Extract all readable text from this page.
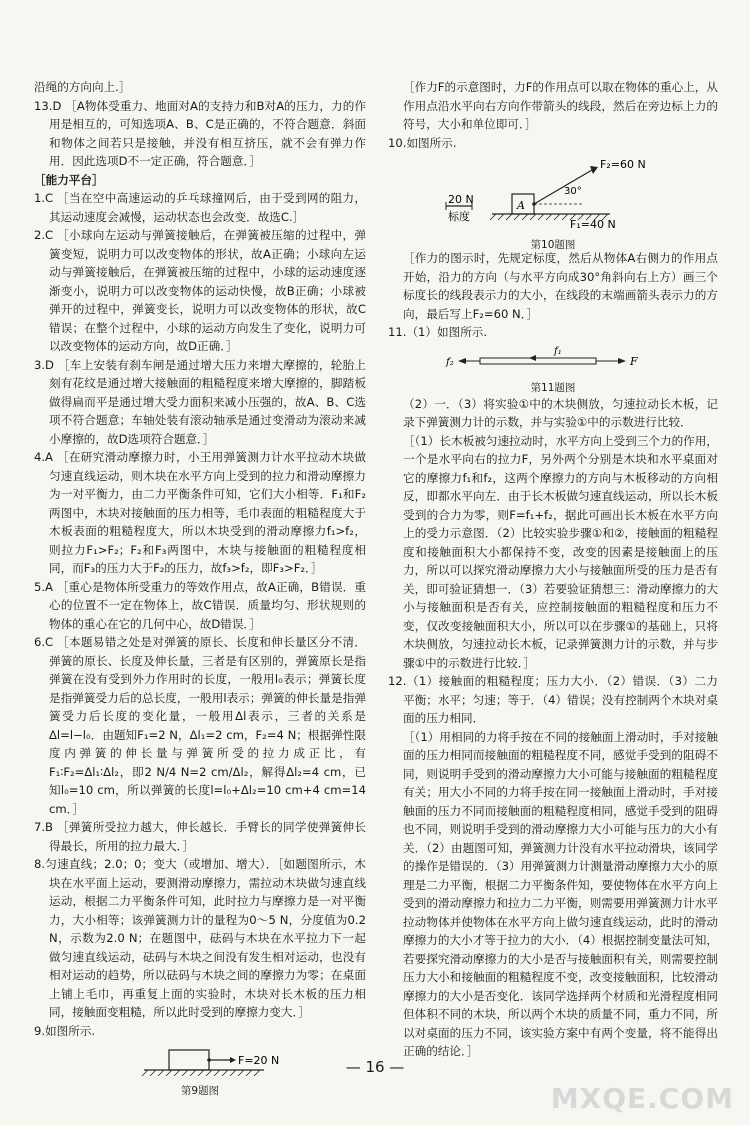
沿绳的方向向上.］

13.D ［A物体受重力、地面对A的支持力和B对A的压力，力的作用是相互的，可知选项A、B、C是正确的，不符合题意．斜面和物体之间若只是接触，并没有相互挤压，就不会有弹力作用．因此选项D不一定正确，符合题意．］

［能力平台］

1.C ［当在空中高速运动的乒乓球撞网后，由于受到网的阻力，其运动速度会减慢，运动状态也会改变．故选C.］

2.C ［小球向左运动与弹簧接触后，在弹簧被压缩的过程中，弹簧变短，说明力可以改变物体的形状，故A正确；小球向左运动与弹簧接触后，在弹簧被压缩的过程中，小球的运动速度逐渐变小，说明力可以改变物体的运动快慢，故B正确；小球被弹开的过程中，弹簧变长，说明力可以改变物体的形状，故C错误；在整个过程中，小球的运动方向发生了变化，说明力可以改变物体的运动方向，故D正确．］

3.D ［车上安装有刹车闸是通过增大压力来增大摩擦的，轮胎上刻有花纹是通过增大接触面的粗糙程度来增大摩擦的，脚踏板做得扁而平是通过增大受力面积来减小压强的，故A、B、C选项不符合题意；车轴处装有滚动轴承是通过变滑动为滚动来减小摩擦的，故D选项符合题意．］

4.A ［在研究滑动摩擦力时，小王用弹簧测力计水平拉动木块做匀速直线运动，则木块在水平方向上受到的拉力和滑动摩擦力为一对平衡力，由二力平衡条件可知，它们大小相等．F₁和F₂两图中，木块对接触面的压力相等，毛巾表面的粗糙程度大于木板表面的粗糙程度大，所以木块受到的滑动摩擦力f₁>f₂，则拉力F₁>F₂；F₂和F₃两图中，木块与接触面的粗糙程度相同，而F₃的压力大于F₂的压力，故f₃>f₂，即F₃>F₂．］

5.A ［重心是物体所受重力的等效作用点，故A正确，B错误．重心的位置不一定在物体上，故C错误．质量均匀、形状规则的物体的重心在它的几何中心，故D错误．］

6.C ［本题易错之处是对弹簧的原长、长度和伸长量区分不清．弹簧的原长、长度及伸长量，三者是有区别的，弹簧原长是指弹簧在没有受到外力作用时的长度，一般用l₀表示；弹簧长度是指弹簧受力后的总长度，一般用l表示；弹簧的伸长量是指弹簧受力后长度的变化量，一般用Δl表示，三者的关系是Δl=l−l₀．由题知F₁=2 N，Δl₁=2 cm，F₂=4 N；根据弹性限度内弹簧的伸长量与弹簧所受的拉力成正比，有F₁∶F₂=Δl₁∶Δl₂，即2 N/4 N=2 cm/Δl₂，解得Δl₂=4 cm，已知l₀=10 cm，所以弹簧的长度l=l₀+Δl₂=10 cm+4 cm=14 cm．］

7.B ［弹簧所受拉力越大，伸长越长．手臂长的同学使弹簧伸长得最长，所用的拉力最大．］

8.匀速直线；2.0；0；变大（或增加、增大）．［如题图所示，木块在水平面上运动，要测滑动摩擦力，需拉动木块做匀速直线运动，根据二力平衡条件可知，此时拉力与摩擦力是一对平衡力，大小相等；该弹簧测力计的量程为0～5 N，分度值为0.2 N，示数为2.0 N；在题图中，砝码与木块在水平拉力下一起做匀速直线运动，砝码与木块之间没有发生相对运动，也没有相对运动的趋势，所以砝码与木块之间的摩擦力为零；在桌面上铺上毛巾，再重复上面的实验时，木块对长木板的压力相同，接触面变粗糙，所以此时受到的摩擦力变大．］

9.如图所示.

F=20 N

第9题图

［作力F的示意图时，力F的作用点可以取在物体的重心上，从作用点沿水平向右方向作带箭头的线段，然后在旁边标上力的符号，大小和单位即可．］

10.如图所示.

20 N
标度
A
30°
F₂=60 N
F₁=40 N

第10题图

［作力的图示时，先规定标度，然后从物体A右侧力的作用点开始，沿力的方向（与水平方向成30°角斜向右上方）画三个标度长的线段表示力的大小，在线段的末端画箭头表示力的方向，最后写上F₂=60 N．］

11.（1）如图所示.

f₁
f₂	F

第11题图

（2）一．（3）将实验①中的木块侧放，匀速拉动长木板，记录下弹簧测力计的示数，并与实验①中的示数进行比较．

［（1）长木板被匀速拉动时，水平方向上受到三个力的作用，一个是水平向右的拉力F，另外两个分别是木块和水平桌面对它的摩擦力f₁和f₂，这两个摩擦力的方向与木板移动的方向相反，即都水平向左．由于长木板做匀速直线运动，所以长木板受到的合力为零，则F=f₁+f₂，据此可画出长木板在水平方向上的受力示意图．（2）比较实验步骤①和②，接触面的粗糙程度和接触面积大小都保持不变，改变的因素是接触面上的压力，所以可以探究滑动摩擦力大小与接触面所受的压力是否有关，即可验证猜想一．（3）若要验证猜想三：滑动摩擦力的大小与接触面积是否有关，应控制接触面的粗糙程度和压力不变，仅改变接触面积大小，所以可以在步骤①的基础上，只将木块侧放，匀速拉动长木板，记录弹簧测力计的示数，并与步骤①中的示数进行比较．］

12.（1）接触面的粗糙程度；压力大小．（2）错误．（3）二力平衡；水平；匀速；等于．（4）错误；没有控制两个木块对桌面的压力相同．

［（1）用相同的力将手按在不同的接触面上滑动时，手对接触面的压力相同而接触面的粗糙程度不同，感觉手受到的阻碍不同，则说明手受到的滑动摩擦力大小可能与接触面的粗糙程度有关；用大小不同的力将手按在同一接触面上滑动时，手对接触面的压力不同而接触面的粗糙程度相同，感觉手受到的阻碍也不同，则说明手受到的滑动摩擦力大小可能与压力的大小有关．（2）由题图可知，弹簧测力计没有水平拉动滑块，该同学的操作是错误的．（3）用弹簧测力计测量滑动摩擦力大小的原理是二力平衡，根据二力平衡条件知，要使物体在水平方向上受到的滑动摩擦力和拉力二力平衡，则需要用弹簧测力计水平拉动物体并使物体在水平方向上做匀速直线运动，此时的滑动摩擦力的大小才等于拉力的大小．（4）根据控制变量法可知，若要探究滑动摩擦力的大小是否与接触面积有关，则需要控制压力大小和接触面的粗糙程度不变，改变接触面积，比较滑动摩擦力的大小是否变化．该同学选择两个材质和光滑程度相同但体积不同的木块，所以两个木块的质量不同，重力不同，所以对桌面的压力不同，该实验方案中有两个变量，将不能得出正确的结论．］

— 16 —
MXQE.COM
